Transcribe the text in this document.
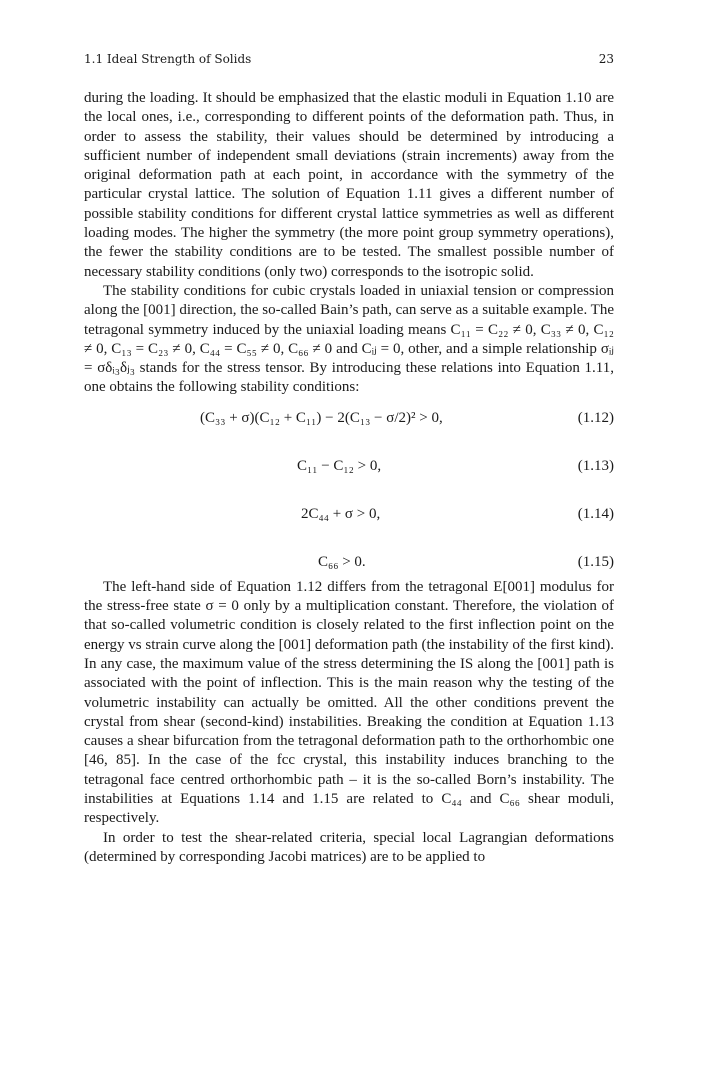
1.1 Ideal Strength of Solids	23

during the loading. It should be emphasized that the elastic moduli in Equation 1.10 are the local ones, i.e., corresponding to different points of the deformation path. Thus, in order to assess the stability, their values should be determined by introducing a sufficient number of independent small deviations (strain increments) away from the original deformation path at each point, in accordance with the symmetry of the particular crystal lattice. The solution of Equation 1.11 gives a different number of possible stability conditions for different crystal lattice symmetries as well as different loading modes. The higher the symmetry (the more point group symmetry operations), the fewer the stability conditions are to be tested. The smallest possible number of necessary stability conditions (only two) corresponds to the isotropic solid.

The stability conditions for cubic crystals loaded in uniaxial tension or compression along the [001] direction, the so-called Bain’s path, can serve as a suitable example. The tetragonal symmetry induced by the uniaxial loading means C₁₁ = C₂₂ ≠ 0, C₃₃ ≠ 0, C₁₂ ≠ 0, C₁₃ = C₂₃ ≠ 0, C₄₄ = C₅₅ ≠ 0, C₆₆ ≠ 0 and Cᵢⱼ = 0, other, and a simple relationship σᵢⱼ = σδᵢ₃δⱼ₃ stands for the stress tensor. By introducing these relations into Equation 1.11, one obtains the following stability conditions:

(C₃₃ + σ)(C₁₂ + C₁₁) − 2(C₁₃ − σ/2)² > 0,	(1.12)
C₁₁ − C₁₂ > 0,	(1.13)
2C₄₄ + σ > 0,	(1.14)
C₆₆ > 0.	(1.15)

The left-hand side of Equation 1.12 differs from the tetragonal E[001] modulus for the stress-free state σ = 0 only by a multiplication constant. Therefore, the violation of that so-called volumetric condition is closely related to the first inflection point on the energy vs strain curve along the [001] deformation path (the instability of the first kind). In any case, the maximum value of the stress determining the IS along the [001] path is associated with the point of inflection. This is the main reason why the testing of the volumetric instability can actually be omitted. All the other conditions prevent the crystal from shear (second-kind) instabilities. Breaking the condition at Equation 1.13 causes a shear bifurcation from the tetragonal deformation path to the orthorhombic one [46, 85]. In the case of the fcc crystal, this instability induces branching to the tetragonal face centred orthorhombic path – it is the so-called Born’s instability. The instabilities at Equations 1.14 and 1.15 are related to C₄₄ and C₆₆ shear moduli, respectively.

In order to test the shear-related criteria, special local Lagrangian deformations (determined by corresponding Jacobi matrices) are to be applied to
